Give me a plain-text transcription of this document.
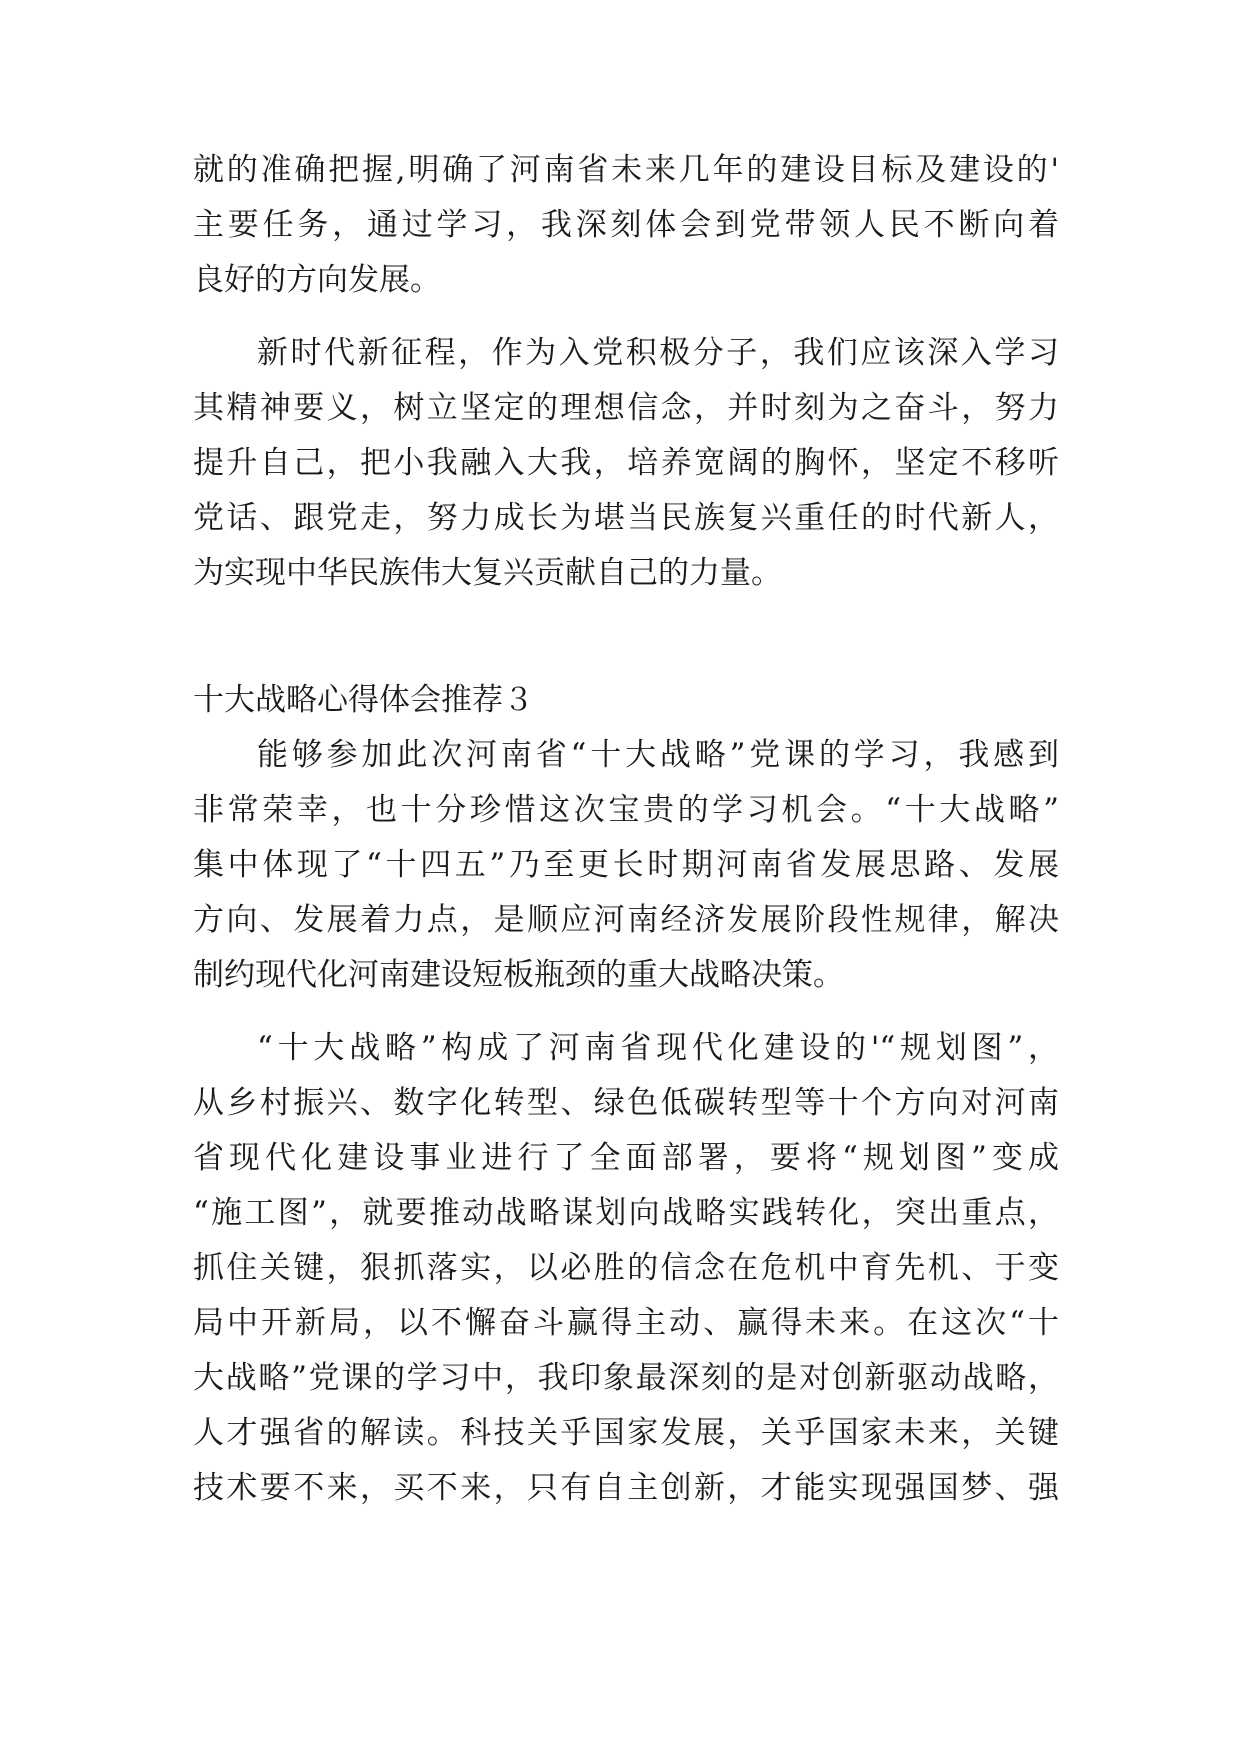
就的准确把握,明确了河南省未来几年的建设目标及建设的'
主要任务，通过学习，我深刻体会到党带领人民不断向着
良好的方向发展。
新时代新征程，作为入党积极分子，我们应该深入学习
其精神要义，树立坚定的理想信念，并时刻为之奋斗，努力
提升自己，把小我融入大我，培养宽阔的胸怀，坚定不移听
党话、跟党走，努力成长为堪当民族复兴重任的时代新人，
为实现中华民族伟大复兴贡献自己的力量。
十大战略心得体会推荐３
能够参加此次河南省“十大战略”党课的学习，我感到
非常荣幸，也十分珍惜这次宝贵的学习机会。“十大战略”
集中体现了“十四五”乃至更长时期河南省发展思路、发展
方向、发展着力点，是顺应河南经济发展阶段性规律，解决
制约现代化河南建设短板瓶颈的重大战略决策。
“十大战略”构成了河南省现代化建设的'“规划图”，
从乡村振兴、数字化转型、绿色低碳转型等十个方向对河南
省现代化建设事业进行了全面部署，要将“规划图”变成
“施工图”，就要推动战略谋划向战略实践转化，突出重点，
抓住关键，狠抓落实，以必胜的信念在危机中育先机、于变
局中开新局，以不懈奋斗赢得主动、赢得未来。在这次“十
大战略”党课的学习中，我印象最深刻的是对创新驱动战略，
人才强省的解读。科技关乎国家发展，关乎国家未来，关键
技术要不来，买不来，只有自主创新，才能实现强国梦、强
